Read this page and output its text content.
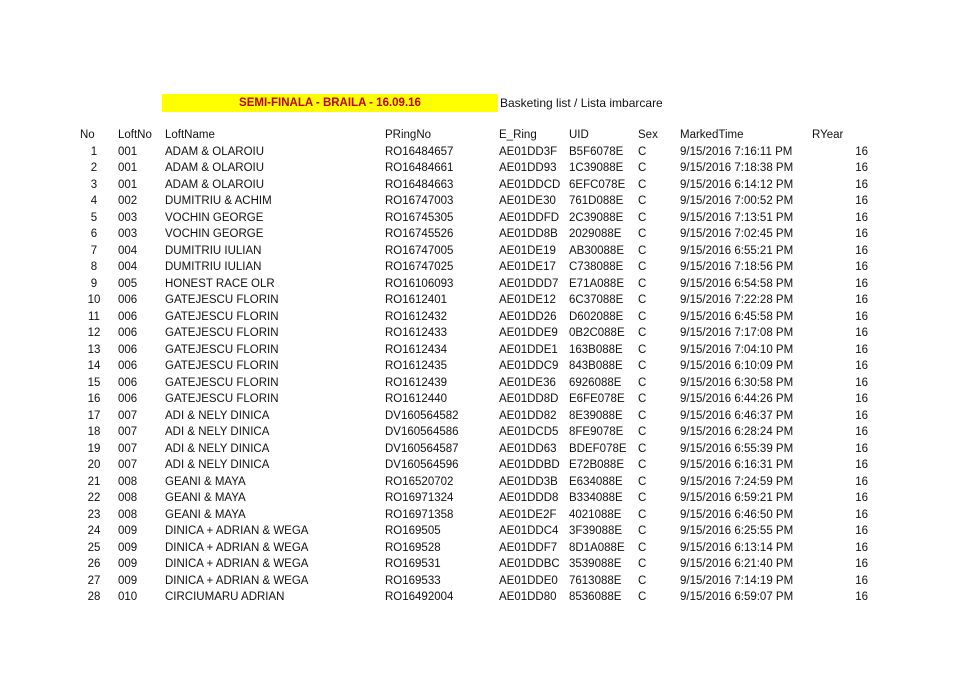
SEMI-FINALA - BRAILA - 16.09.16	Basketing list / Lista imbarcare
No	LoftNo LoftName	PRingNo	E_Ring	UID	Sex MarkedTime	RYear
1	001 ADAM & OLAROIU	RO16484657	AE01DD3F B5F6078E C	9/15/2016 7:16:11 PM	16
2	001 ADAM & OLAROIU	RO16484661	AE01DD93 1C39088E C	9/15/2016 7:18:38 PM	16
3	001 ADAM & OLAROIU	RO16484663	AE01DDCD 6EFC078E C	9/15/2016 6:14:12 PM	16
4	002 DUMITRIU & ACHIM	RO16747003	AE01DE30 761D088E C	9/15/2016 7:00:52 PM	16
5	003 VOCHIN GEORGE	RO16745305	AE01DDFD 2C39088E C	9/15/2016 7:13:51 PM	16
6	003 VOCHIN GEORGE	RO16745526	AE01DD8B 2029088E C	9/15/2016 7:02:45 PM	16
7	004 DUMITRIU IULIAN	RO16747005	AE01DE19 AB30088E C	9/15/2016 6:55:21 PM	16
8	004 DUMITRIU IULIAN	RO16747025	AE01DE17 C738088E C	9/15/2016 7:18:56 PM	16
9	005 HONEST RACE OLR	RO16106093	AE01DDD7 E71A088E C	9/15/2016 6:54:58 PM	16
10	006 GATEJESCU FLORIN	RO1612401	AE01DE12 6C37088E C	9/15/2016 7:22:28 PM	16
11	006 GATEJESCU FLORIN	RO1612432	AE01DD26 D602088E C	9/15/2016 6:45:58 PM	16
12	006 GATEJESCU FLORIN	RO1612433	AE01DDE9 0B2C088E C	9/15/2016 7:17:08 PM	16
13	006 GATEJESCU FLORIN	RO1612434	AE01DDE1 163B088E C	9/15/2016 7:04:10 PM	16
14	006 GATEJESCU FLORIN	RO1612435	AE01DDC9 843B088E C	9/15/2016 6:10:09 PM	16
15	006 GATEJESCU FLORIN	RO1612439	AE01DE36 6926088E C	9/15/2016 6:30:58 PM	16
16	006 GATEJESCU FLORIN	RO1612440	AE01DD8D E6FE078E C	9/15/2016 6:44:26 PM	16
17	007 ADI & NELY DINICA	DV160564582	AE01DD82 8E39088E C	9/15/2016 6:46:37 PM	16
18	007 ADI & NELY DINICA	DV160564586	AE01DCD5 8FE9078E C	9/15/2016 6:28:24 PM	16
19	007 ADI & NELY DINICA	DV160564587	AE01DD63 BDEF078E C	9/15/2016 6:55:39 PM	16
20	007 ADI & NELY DINICA	DV160564596	AE01DDBD E72B088E C	9/15/2016 6:16:31 PM	16
21	008 GEANI & MAYA	RO16520702	AE01DD3B E634088E C	9/15/2016 7:24:59 PM	16
22	008 GEANI & MAYA	RO16971324	AE01DDD8 B334088E C	9/15/2016 6:59:21 PM	16
23	008 GEANI & MAYA	RO16971358	AE01DE2F 4021088E C	9/15/2016 6:46:50 PM	16
24	009 DINICA + ADRIAN & WEGA	RO169505	AE01DDC4 3F39088E C	9/15/2016 6:25:55 PM	16
25	009 DINICA + ADRIAN & WEGA	RO169528	AE01DDF7 8D1A088E C	9/15/2016 6:13:14 PM	16
26	009 DINICA + ADRIAN & WEGA	RO169531	AE01DDBC 3539088E C	9/15/2016 6:21:40 PM	16
27	009 DINICA + ADRIAN & WEGA	RO169533	AE01DDE0 7613088E C	9/15/2016 7:14:19 PM	16
28	010 CIRCIUMARU ADRIAN	RO16492004	AE01DD80 8536088E C	9/15/2016 6:59:07 PM	16
